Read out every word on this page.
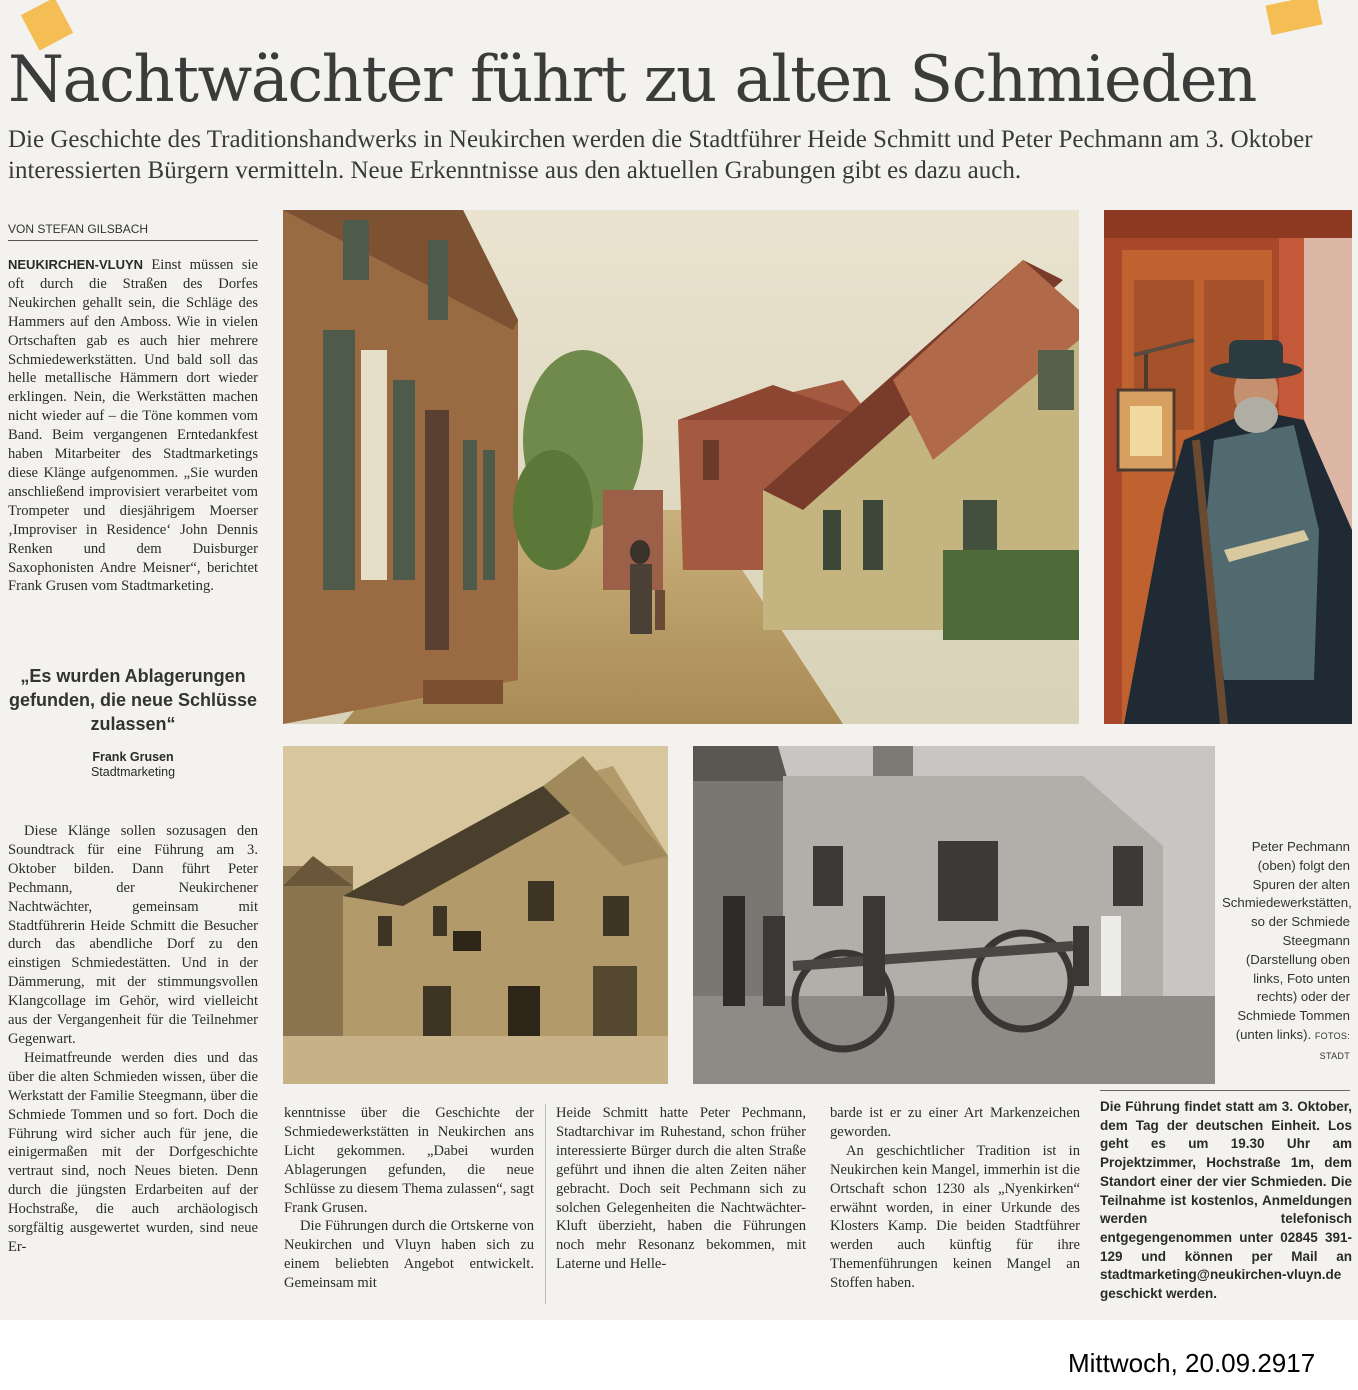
Nachtwächter führt zu alten Schmieden

Die Geschichte des Traditionshandwerks in Neukirchen werden die Stadtführer Heide Schmitt und Peter Pechmann am 3. Oktober interessierten Bürgern vermitteln. Neue Erkenntnisse aus den aktuellen Grabungen gibt es dazu auch.

VON STEFAN GILSBACH

NEUKIRCHEN-VLUYN Einst müssen sie oft durch die Straßen des Dorfes Neukirchen gehallt sein, die Schläge des Hammers auf den Amboss. Wie in vielen Ortschaften gab es auch hier mehrere Schmiedewerkstätten. Und bald soll das helle metallische Hämmern dort wieder erklingen. Nein, die Werkstätten machen nicht wieder auf – die Töne kommen vom Band. Beim vergangenen Erntedankfest haben Mitarbeiter des Stadtmarketings diese Klänge aufgenommen. „Sie wurden anschließend improvisiert verarbeitet vom Trompeter und diesjährigem Moerser ‚Improviser in Residence‘ John Dennis Renken und dem Duisburger Saxophonisten Andre Meisner“, berichtet Frank Grusen vom Stadtmarketing.

„Es wurden Ablagerungen gefunden, die neue Schlüsse zulassen“
Frank Grusen
Stadtmarketing

Diese Klänge sollen sozusagen den Soundtrack für eine Führung am 3. Oktober bilden. Dann führt Peter Pechmann, der Neukirchener Nachtwächter, gemeinsam mit Stadtführerin Heide Schmitt die Besucher durch das abendliche Dorf zu den einstigen Schmiedestätten. Und in der Dämmerung, mit der stimmungsvollen Klangcollage im Gehör, wird vielleicht aus der Vergangenheit für die Teilnehmer Gegenwart.

Heimatfreunde werden dies und das über die alten Schmieden wissen, über die Werkstatt der Familie Steegmann, über die Schmiede Tommen und so fort. Doch die Führung wird sicher auch für jene, die einigermaßen mit der Dorfgeschichte vertraut sind, noch Neues bieten. Denn durch die jüngsten Erdarbeiten auf der Hochstraße, die auch archäologisch sorgfältig ausgewertet wurden, sind neue Er-

kenntnisse über die Geschichte der Schmiedewerkstätten in Neukirchen ans Licht gekommen. „Dabei wurden Ablagerungen gefunden, die neue Schlüsse zu diesem Thema zulassen“, sagt Frank Grusen.

Die Führungen durch die Ortskerne von Neukirchen und Vluyn haben sich zu einem beliebten Angebot entwickelt. Gemeinsam mit

Heide Schmitt hatte Peter Pechmann, Stadtarchivar im Ruhestand, schon früher interessierte Bürger durch die alten Straße geführt und ihnen die alten Zeiten näher gebracht. Doch seit Pechmann sich zu solchen Gelegenheiten die Nachtwächter-Kluft überzieht, haben die Führungen noch mehr Resonanz bekommen, mit Laterne und Helle-

barde ist er zu einer Art Markenzeichen geworden.

An geschichtlicher Tradition ist in Neukirchen kein Mangel, immerhin ist die Ortschaft schon 1230 als „Nyenkirken“ erwähnt worden, in einer Urkunde des Klosters Kamp. Die beiden Stadtführer werden auch künftig für ihre Themenführungen keinen Mangel an Stoffen haben.

Peter Pechmann (oben) folgt den Spuren der alten Schmiedewerkstätten, so der Schmiede Steegmann (Darstellung oben links, Foto unten rechts) oder der Schmiede Tommen (unten links). FOTOS: STADT
Die Führung findet statt am 3. Oktober, dem Tag der deutschen Einheit. Los geht es um 19.30 Uhr am Projektzimmer, Hochstraße 1m, dem Standort einer der vier Schmieden. Die Teilnahme ist kostenlos, Anmeldungen werden telefonisch entgegengenommen unter 02845 391-129 und können per Mail an stadtmarketing@neukirchen-vluyn.de geschickt werden.
Mittwoch, 20.09.2917
